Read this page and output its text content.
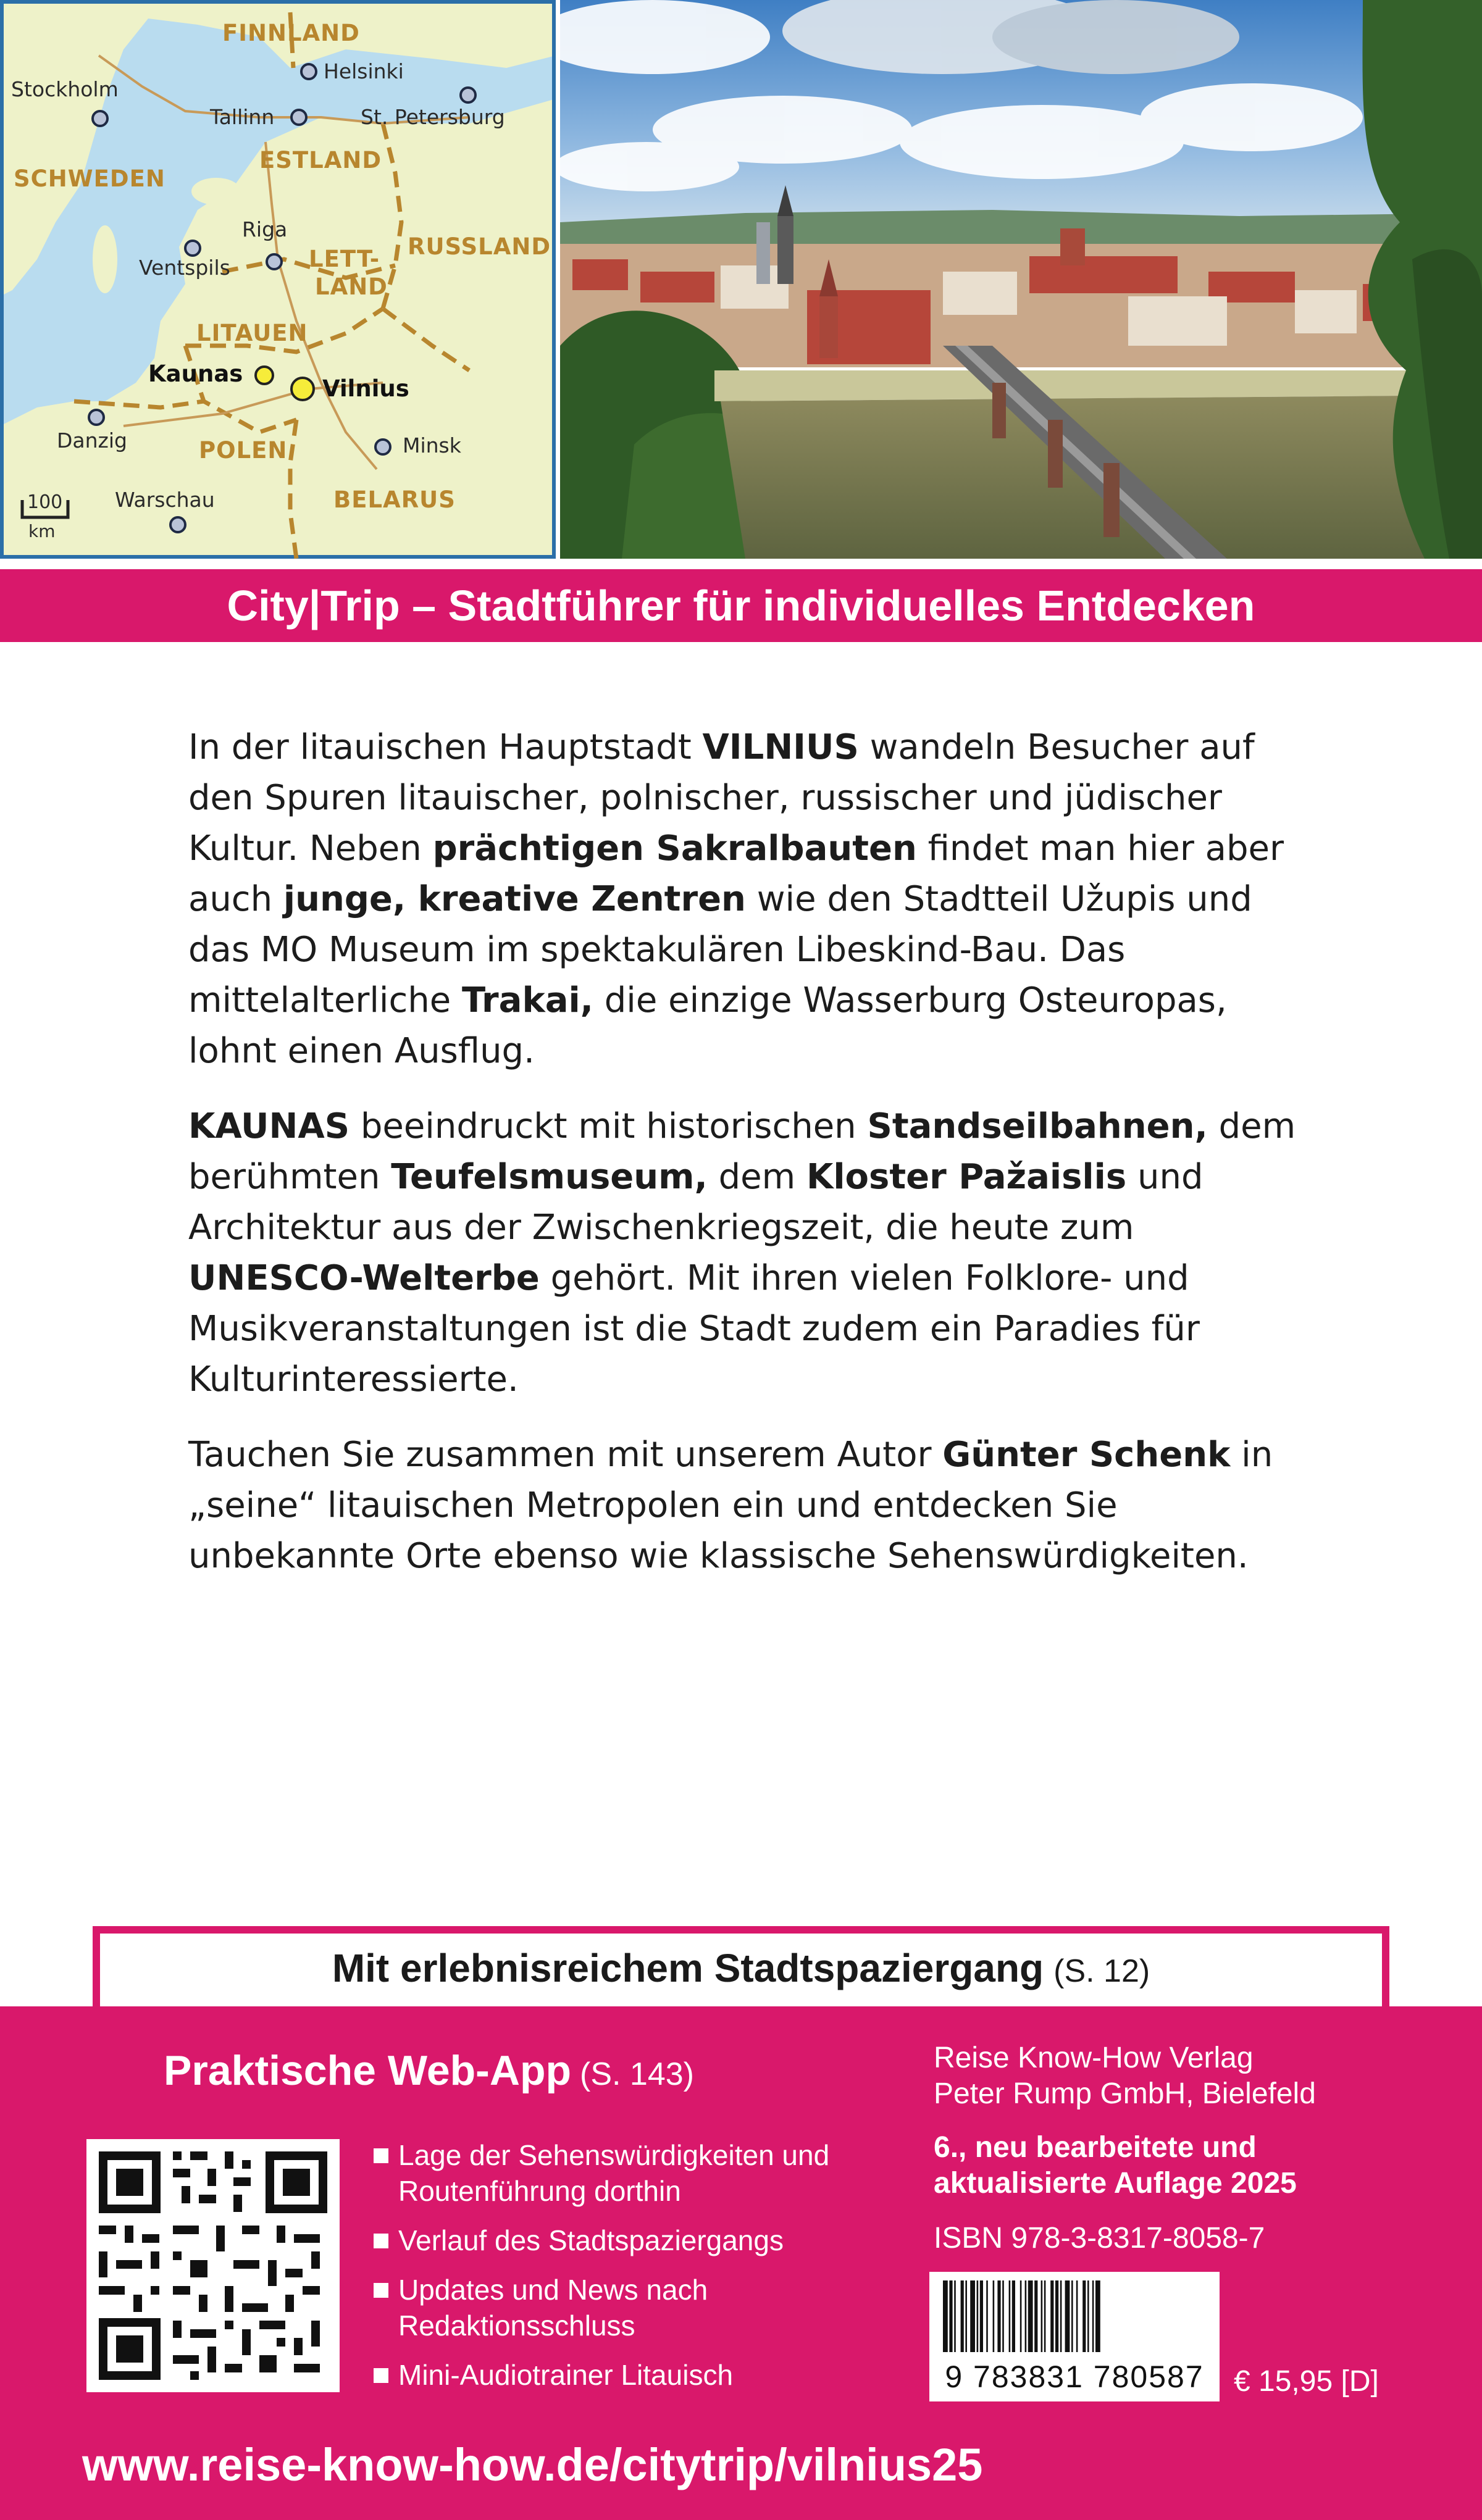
FINNLAND
SCHWEDEN
ESTLAND
RUSSLAND
LETT-
LAND
LITAUEN
POLEN
BELARUS
Stockholm
Helsinki
Tallinn	St. Petersburg
Riga
Ventspils
Kaunas
Vilnius
Danzig	Minsk
Warschau
100
km
City|Trip – Stadtführer für individuelles Entdecken

In der litauischen Hauptstadt VILNIUS wandeln Besucher auf den Spuren litauischer, polnischer, russischer und jüdischer Kultur. Neben prächtigen Sakralbauten findet man hier aber auch junge, kreative Zentren wie den Stadtteil Užupis und das MO Museum im spektakulären Libeskind-Bau. Das mittelalterliche Trakai, die einzige Wasserburg Osteuropas, lohnt einen Ausflug.

KAUNAS beeindruckt mit historischen Standseilbahnen, dem berühmten Teufelsmuseum, dem Kloster Pažaislis und Architektur aus der Zwischenkriegszeit, die heute zum UNESCO-Welterbe gehört. Mit ihren vielen Folklore- und Musikveranstaltungen ist die Stadt zudem ein Paradies für Kulturinteressierte.

Tauchen Sie zusammen mit unserem Autor Günter Schenk in „seine“ litauischen Metropolen ein und entdecken Sie unbekannte Orte ebenso wie klassische Sehenswürdigkeiten.

Mit erlebnisreichem Stadtspaziergang (S. 12)
Praktische Web-App (S. 143)
Lage der Sehenswürdigkeiten und Routenführung dorthin
Verlauf des Stadtspaziergangs
Updates und News nach Redaktionsschluss
Mini-Audiotrainer Litauisch
Reise Know-How Verlag
Peter Rump GmbH, Bielefeld
6., neu bearbeitete und
aktualisierte Auflage 2025
ISBN 978-3-8317-8058-7
9 783831 780587	€ 15,95 [D]
www.reise-know-how.de/citytrip/vilnius25
